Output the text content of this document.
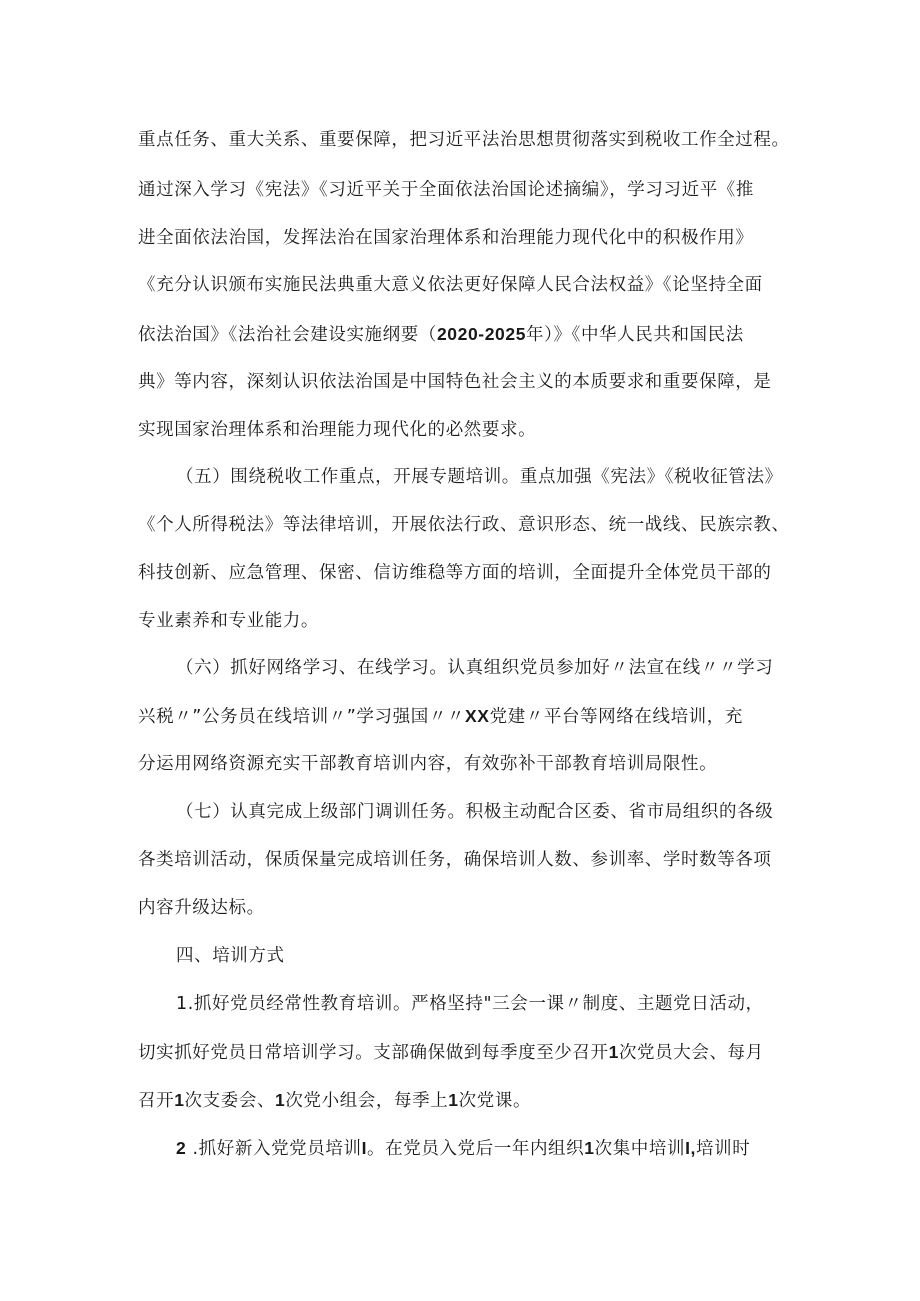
重点任务、重大关系、重要保障，把习近平法治思想贯彻落实到税收工作全过程。
通过深入学习《宪法》《习近平关于全面依法治国论述摘编》，学习习近平《推
进全面依法治国，发挥法治在国家治理体系和治理能力现代化中的积极作用》
《充分认识颁布实施民法典重大意义依法更好保障人民合法权益》《论坚持全面
依法治国》《法治社会建设实施纲要（2020-2025年）》《中华人民共和国民法
典》等内容，深刻认识依法治国是中国特色社会主义的本质要求和重要保障，是
实现国家治理体系和治理能力现代化的必然要求。
（五）围绕税收工作重点，开展专题培训。重点加强《宪法》《税收征管法》
《个人所得税法》等法律培训，开展依法行政、意识形态、统一战线、民族宗教、
科技创新、应急管理、保密、信访维稳等方面的培训，全面提升全体党员干部的
专业素养和专业能力。
（六）抓好网络学习、在线学习。认真组织党员参加好〃法宣在线〃〃学习
兴税〃”公务员在线培训〃”学习强国〃〃XX党建〃平台等网络在线培训，充
分运用网络资源充实干部教育培训内容，有效弥补干部教育培训局限性。
（七）认真完成上级部门调训任务。积极主动配合区委、省市局组织的各级
各类培训活动，保质保量完成培训任务，确保培训人数、参训率、学时数等各项
内容升级达标。
四、培训方式
1.抓好党员经常性教育培训。严格坚持"三会一课〃制度、主题党日活动，
切实抓好党员日常培训学习。支部确保做到每季度至少召开1次党员大会、每月
召开1次支委会、1次党小组会，每季上1次党课。
2 .抓好新入党党员培训I。在党员入党后一年内组织1次集中培训I,培训时
